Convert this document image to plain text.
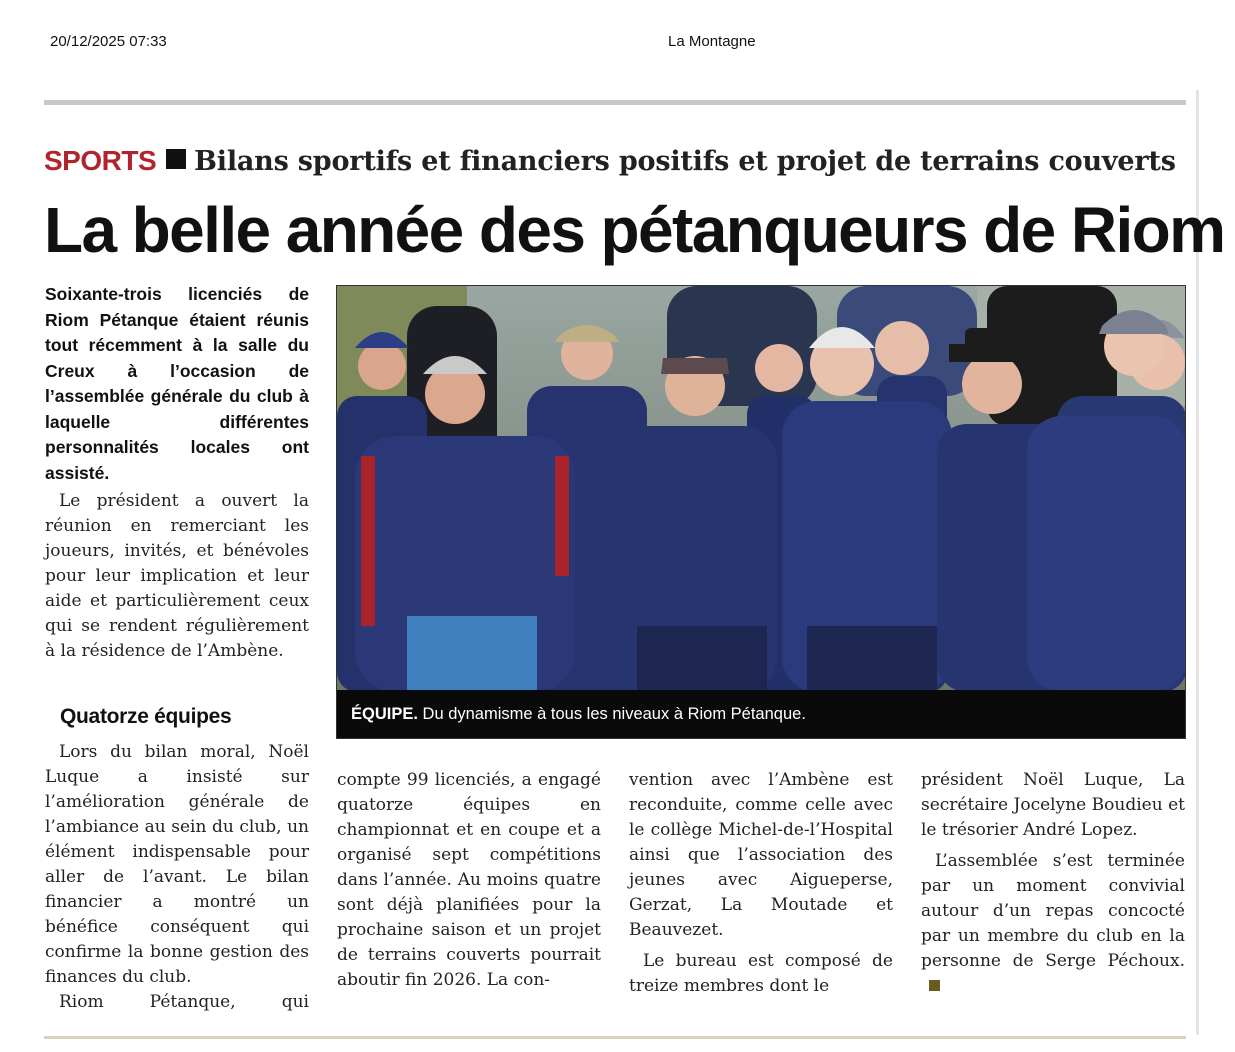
20/12/2025 07:33	La Montagne
SPORTS Bilans sportifs et financiers positifs et projet de terrains couverts
La belle année des pétanqueurs de Riom

Soixante-trois licenciés de Riom Pétanque étaient réunis tout récemment à la salle du Creux à l’occasion de l’assemblée générale du club à laquelle différentes personnalités locales ont assisté.

Le président a ouvert la réunion en remerciant les joueurs, invités, et bénévoles pour leur implication et leur aide et particulièrement ceux qui se rendent régulièrement à la résidence de l’Ambène.

Quatorze équipes

Lors du bilan moral, Noël Luque a insisté sur l’amélioration générale de l’ambiance au sein du club, un élément indispensable pour aller de l’avant. Le bilan financier a montré un bénéfice conséquent qui confirme la bonne gestion des finances du club.

Riom Pétanque, qui

compte 99 licenciés, a engagé quatorze équipes en championnat et en coupe et a organisé sept compétitions dans l’année. Au moins quatre sont déjà planifiées pour la prochaine saison et un projet de terrains couverts pourrait aboutir fin 2026. La con-

vention avec l’Ambène est reconduite, comme celle avec le collège Michel-de-l’Hospital ainsi que l’association des jeunes avec Aigueperse, Gerzat, La Moutade et Beauvezet.

Le bureau est composé de treize membres dont le

président Noël Luque, La secrétaire Jocelyne Boudieu et le trésorier André Lopez.

L’assemblée s’est terminée par un moment convivial autour d’un repas concocté par un membre du club en la personne de Serge Péchoux.

ÉQUIPE. Du dynamisme à tous les niveaux à Riom Pétanque.
